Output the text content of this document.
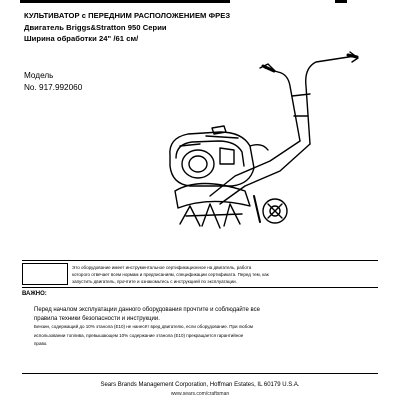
КУЛЬТИВАТОР с ПЕРЕДНИМ РАСПОЛОЖЕНИЕМ ФРЕЗ
Двигатель Briggs&Stratton 950 Серии
Ширина обработки 24" /61 см/
Модель
No. 917.992060
Это оборудование имеет инструментальное сертификационное на двигатель, работа
которого отвечает всем нормам и предписаниям, спецификации сертификата. Перед тем, как
запустить двигатель, прочтите и ознакомьтесь с инструкцией по эксплуатации.
ВАЖНО:
Перед началом эксплуатации данного оборудования прочтите и соблюдайте все
правила техники безопасности и инструкции.
Бензин, содержащий до 10% этанола (E10) не нанесёт вред двигателю, если оборудование. При любом
использовании топлива, превышающем 10% содержание этанола (E10) прекращается гарантийное
право.
Sears Brands Management Corporation, Hoffman Estates, IL 60179 U.S.A.
www.sears.com/craftsman
